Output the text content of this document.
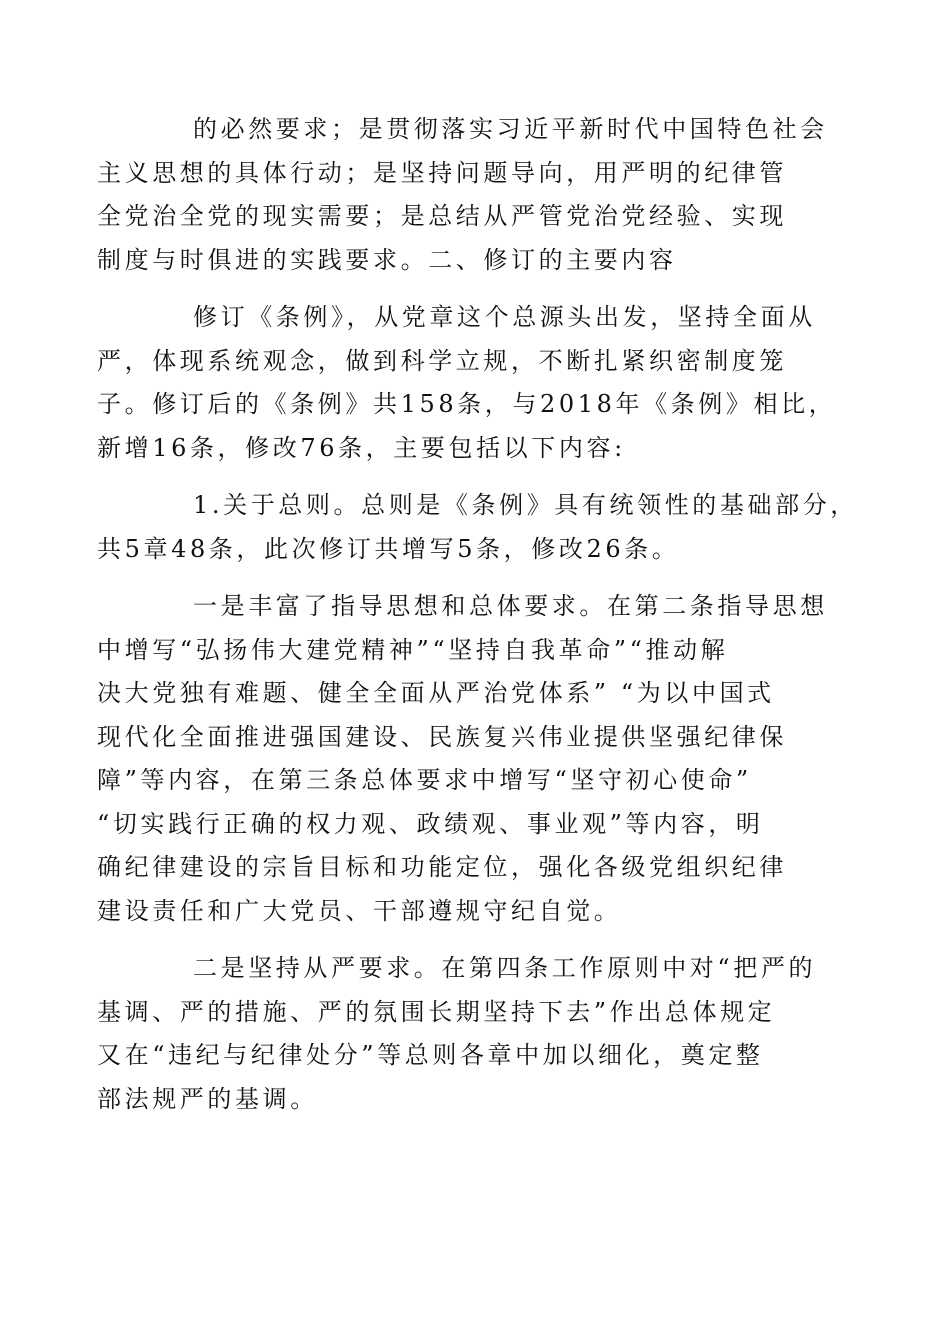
的必然要求；是贯彻落实习近平新时代中国特色社会
主义思想的具体行动；是坚持问题导向，用严明的纪律管
全党治全党的现实需要；是总结从严管党治党经验、实现
制度与时俱进的实践要求。二、修订的主要内容

修订《条例》，从党章这个总源头出发，坚持全面从
严，体现系统观念，做到科学立规，不断扎紧织密制度笼
子。修订后的《条例》共158条，与2018年《条例》相比，
新增16条，修改76条，主要包括以下内容:

1.关于总则。总则是《条例》具有统领性的基础部分，
共5章48条，此次修订共增写5条，修改26条。

一是丰富了指导思想和总体要求。在第二条指导思想
中增写“弘扬伟大建党精神”“坚持自我革命”“推动解
决大党独有难题、健全全面从严治党体系” “为以中国式
现代化全面推进强国建设、民族复兴伟业提供坚强纪律保
障”等内容，在第三条总体要求中增写“坚守初心使命”
“切实践行正确的权力观、政绩观、事业观”等内容，明
确纪律建设的宗旨目标和功能定位，强化各级党组织纪律
建设责任和广大党员、干部遵规守纪自觉。

二是坚持从严要求。在第四条工作原则中对“把严的
基调、严的措施、严的氛围长期坚持下去”作出总体规定
又在“违纪与纪律处分”等总则各章中加以细化，奠定整
部法规严的基调。
